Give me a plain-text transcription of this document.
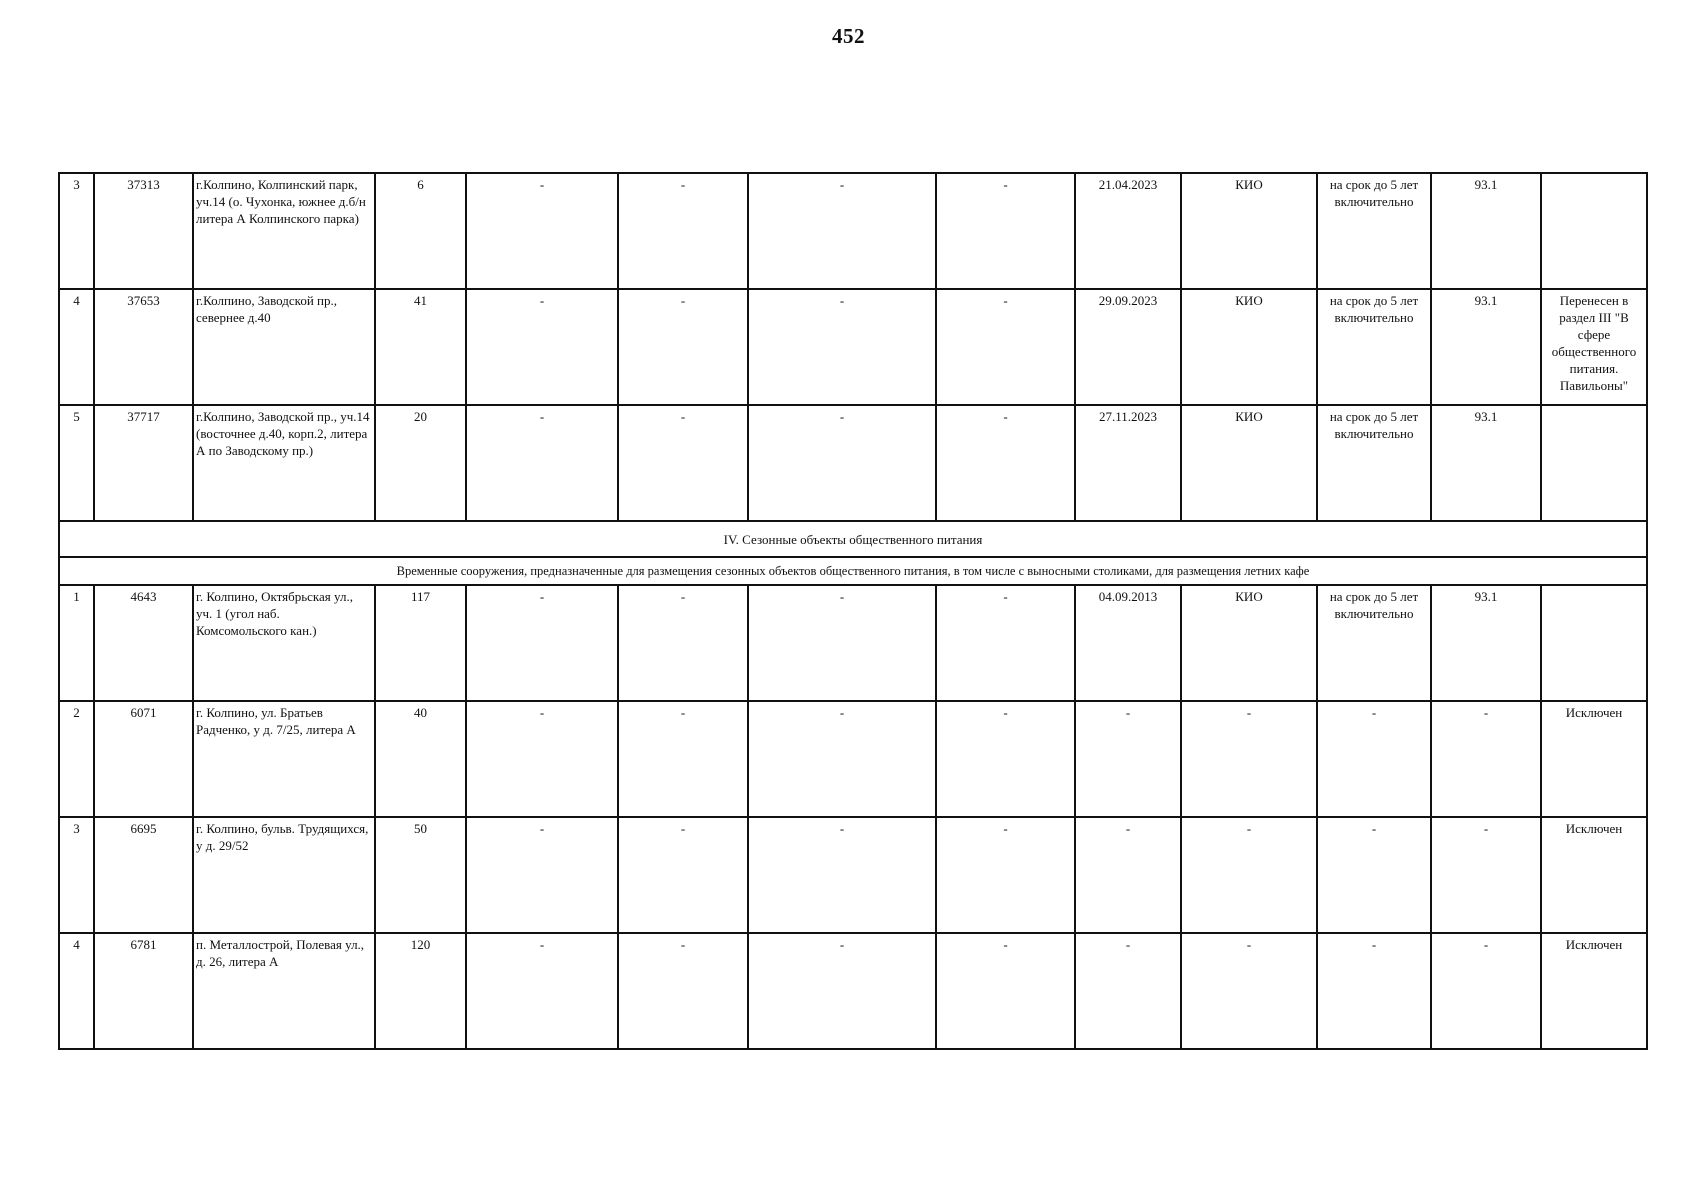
452
3	37313	г.Колпино, Колпинский парк, уч.14 (о. Чухонка, южнее д.б/н литера А Колпинского парка)	6	-	-	-	-	21.04.2023	КИО	на срок до 5 лет включительно	93.1	
4	37653	г.Колпино, Заводской пр., севернее д.40	41	-	-	-	-	29.09.2023	КИО	на срок до 5 лет включительно	93.1	Перенесен в раздел III "В сфере общественного питания. Павильоны"
5	37717	г.Колпино, Заводской пр., уч.14 (восточнее д.40, корп.2, литера А по Заводскому пр.)	20	-	-	-	-	27.11.2023	КИО	на срок до 5 лет включительно	93.1	
IV. Сезонные объекты общественного питания												
Временные сооружения, предназначенные для размещения сезонных объектов общественного питания, в том числе с выносными столиками, для размещения летних кафе												
1	4643	г. Колпино, Октябрьская ул., уч. 1 (угол наб. Комсомольского кан.)	117	-	-	-	-	04.09.2013	КИО	на срок до 5 лет включительно	93.1	
2	6071	г. Колпино, ул. Братьев Радченко, у д. 7/25, литера А	40	-	-	-	-	-	-	-	-	Исключен
3	6695	г. Колпино, бульв. Трудящихся, у д. 29/52	50	-	-	-	-	-	-	-	-	Исключен
4	6781	п. Металлострой, Полевая ул., д. 26, литера А	120	-	-	-	-	-	-	-	-	Исключен
